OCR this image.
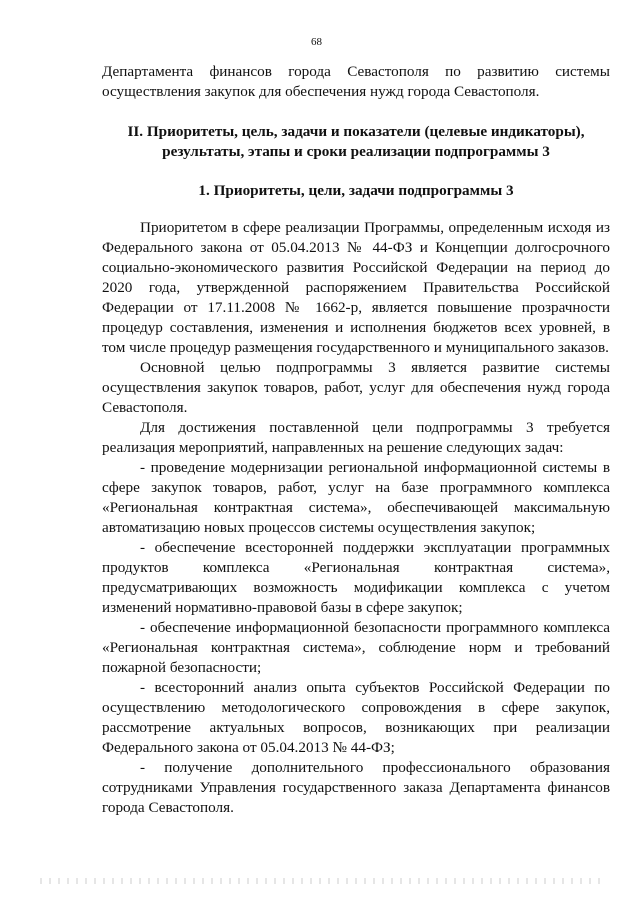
68

Департамента финансов города Севастополя по развитию системы осуществления закупок для обеспечения нужд города Севастополя.

II. Приоритеты, цель, задачи и показатели (целевые индикаторы), результаты, этапы и сроки реализации подпрограммы 3
1. Приоритеты, цели, задачи подпрограммы 3

Приоритетом в сфере реализации Программы, определенным исходя из Федерального закона от 05.04.2013 № 44-ФЗ и Концепции долгосрочного социально-экономического развития Российской Федерации на период до 2020 года, утвержденной распоряжением Правительства Российской Федерации от 17.11.2008 № 1662-р, является повышение прозрачности процедур составления, изменения и исполнения бюджетов всех уровней, в том числе процедур размещения государственного и муниципального заказов.

Основной целью подпрограммы 3 является развитие системы осуществления закупок товаров, работ, услуг для обеспечения нужд города Севастополя.

Для достижения поставленной цели подпрограммы 3 требуется реализация мероприятий, направленных на решение следующих задач:

- проведение модернизации региональной информационной системы в сфере закупок товаров, работ, услуг на базе программного комплекса «Региональная контрактная система», обеспечивающей максимальную автоматизацию новых процессов системы осуществления закупок;

- обеспечение всесторонней поддержки эксплуатации программных продуктов комплекса «Региональная контрактная система», предусматривающих возможность модификации комплекса с учетом изменений нормативно-правовой базы в сфере закупок;

- обеспечение информационной безопасности программного комплекса «Региональная контрактная система», соблюдение норм и требований пожарной безопасности;

- всесторонний анализ опыта субъектов Российской Федерации по осуществлению методологического сопровождения в сфере закупок, рассмотрение актуальных вопросов, возникающих при реализации Федерального закона от 05.04.2013 № 44-ФЗ;

- получение дополнительного профессионального образования сотрудниками Управления государственного заказа Департамента финансов города Севастополя.
